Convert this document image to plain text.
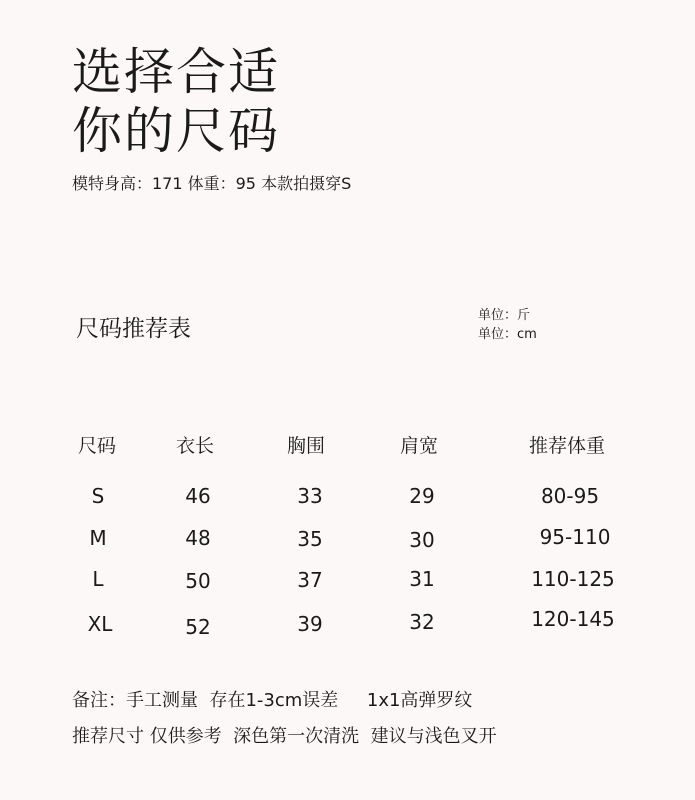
选择合适
你的尺码
模特身高：171 体重：95 本款拍摄穿S
尺码推荐表
单位：斤
单位：cm
尺码	衣长	胸围	肩宽	推荐体重
S	46	33	29	80-95
M	48	35	30	95-110
L	50	37	31	110-125
XL	52	39	32	120-145
备注：手工测量  存在1-3cm误差     1x1高弹罗纹
推荐尺寸 仅供参考  深色第一次清洗  建议与浅色叉开
